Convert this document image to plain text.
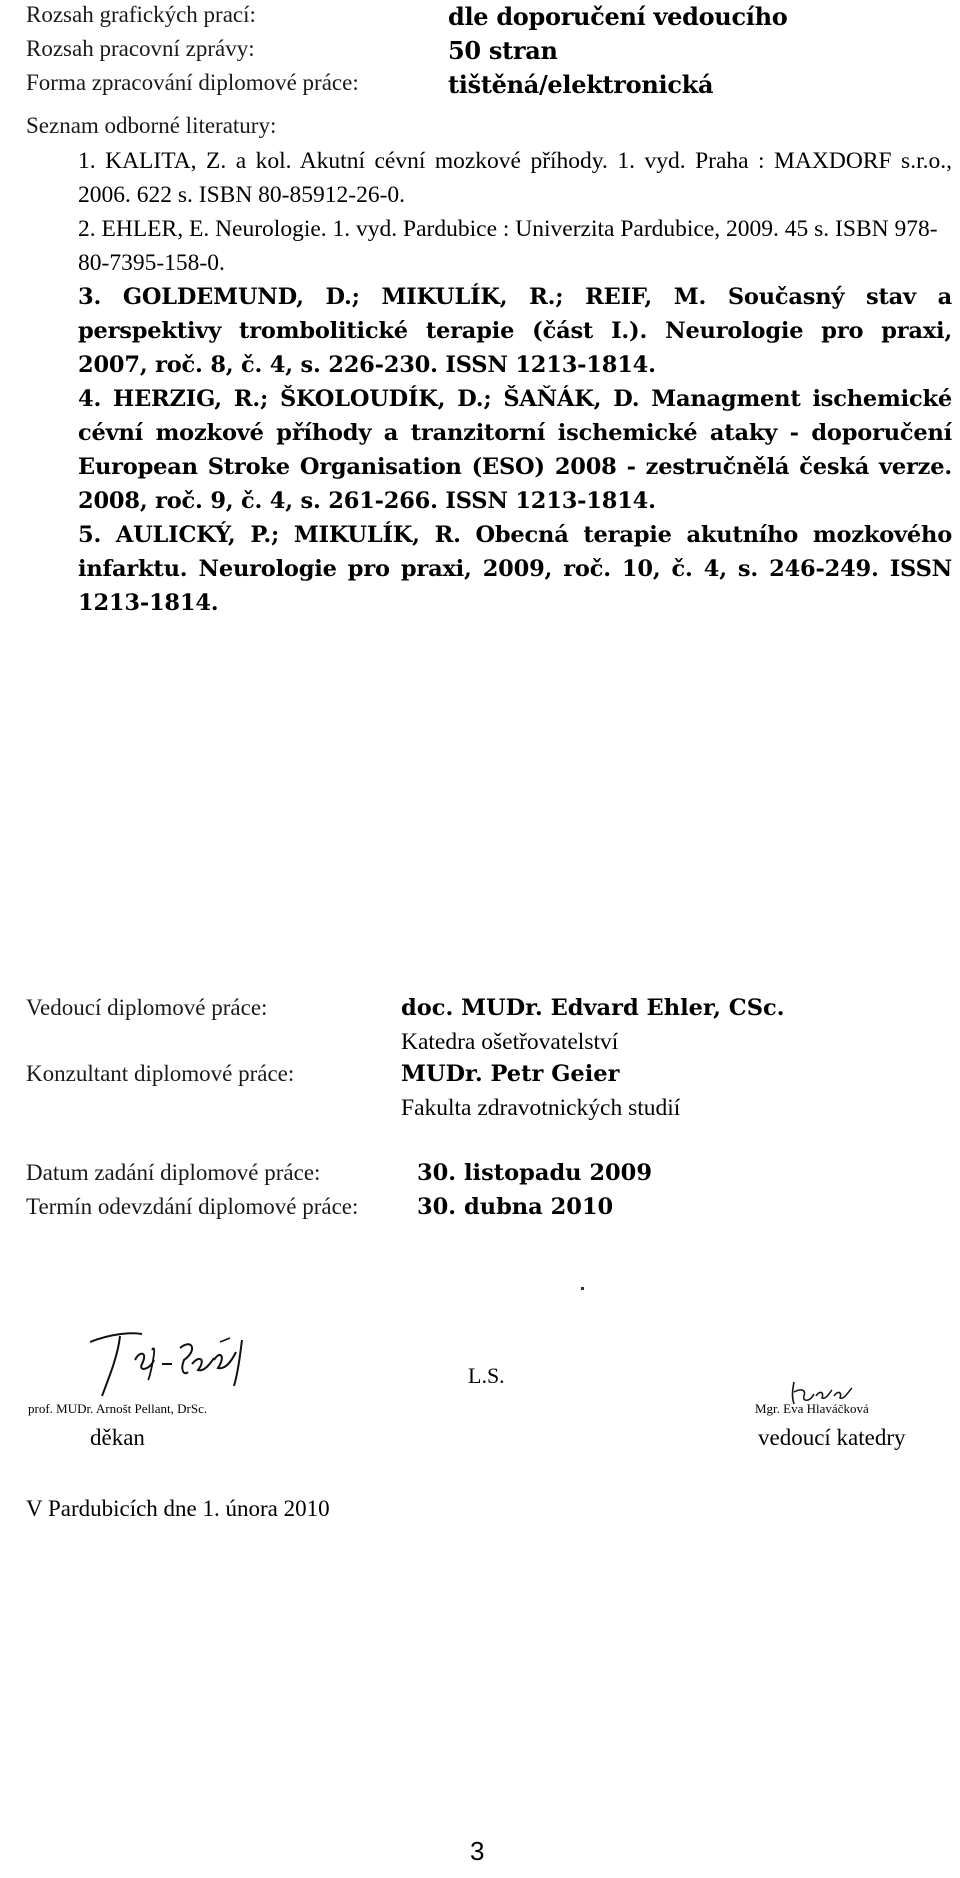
Rozsah grafických prací:	dle doporučení vedoucího
Rozsah pracovní zprávy:	50 stran
Forma zpracování diplomové práce:	tištěná/elektronická
Seznam odborné literatury:
1. KALITA, Z. a kol. Akutní cévní mozkové příhody. 1. vyd. Praha : MAXDORF s.r.o., 2006. 622 s. ISBN 80-85912-26-0.
2. EHLER, E. Neurologie. 1. vyd. Pardubice : Univerzita Pardubice, 2009. 45 s. ISBN 978-80-7395-158-0.
3. GOLDEMUND, D.; MIKULÍK, R.; REIF, M. Současný stav a perspektivy trombolitické terapie (část I.). Neurologie pro praxi, 2007, roč. 8, č. 4, s. 226-230. ISSN 1213-1814.
4. HERZIG, R.; ŠKOLOUDÍK, D.; ŠAŇÁK, D. Managment ischemické cévní mozkové příhody a tranzitorní ischemické ataky - doporučení European Stroke Organisation (ESO) 2008 - zestručnělá česká verze. 2008, roč. 9, č. 4, s. 261-266. ISSN 1213-1814.
5. AULICKÝ, P.; MIKULÍK, R. Obecná terapie akutního mozkového infarktu. Neurologie pro praxi, 2009, roč. 10, č. 4, s. 246-249. ISSN 1213-1814.
Vedoucí diplomové práce:	doc. MUDr. Edvard Ehler, CSc.
Katedra ošetřovatelství
Konzultant diplomové práce:	MUDr. Petr Geier
Fakulta zdravotnických studií
Datum zadání diplomové práce:	30. listopadu 2009
Termín odevzdání diplomové práce:	30. dubna 2010
prof. MUDr. Arnošt Pellant, DrSc.
děkan
L.S.
Mgr. Eva Hlaváčková
vedoucí katedry
V Pardubicích dne 1. února 2010
3
